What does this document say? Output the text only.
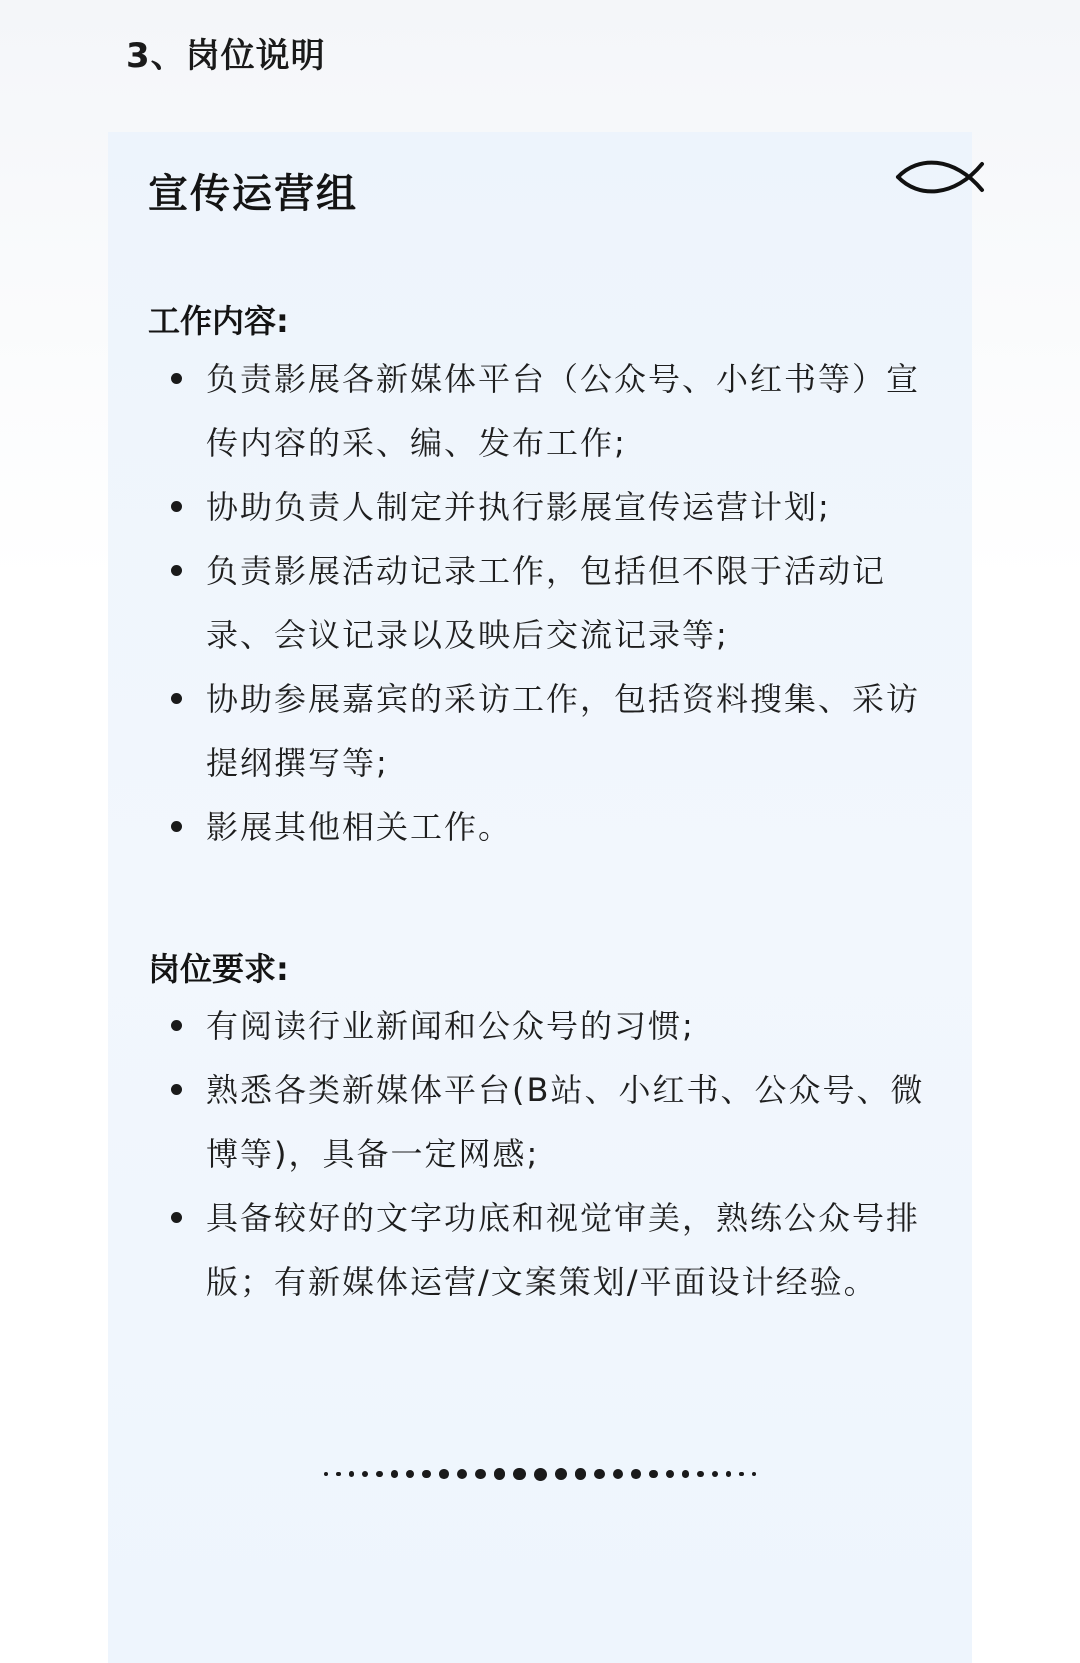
3、岗位说明
宣传运营组
工作内容:
负责影展各新媒体平台（公众号、小红书等）宣传内容的采、编、发布工作;
协助负责人制定并执行影展宣传运营计划;
负责影展活动记录工作，包括但不限于活动记录、会议记录以及映后交流记录等;
协助参展嘉宾的采访工作，包括资料搜集、采访提纲撰写等;
影展其他相关工作。
岗位要求:
有阅读行业新闻和公众号的习惯;
熟悉各类新媒体平台(B站、小红书、公众号、微博等)，具备一定网感;
具备较好的文字功底和视觉审美，熟练公众号排版；有新媒体运营/文案策划/平面设计经验。
